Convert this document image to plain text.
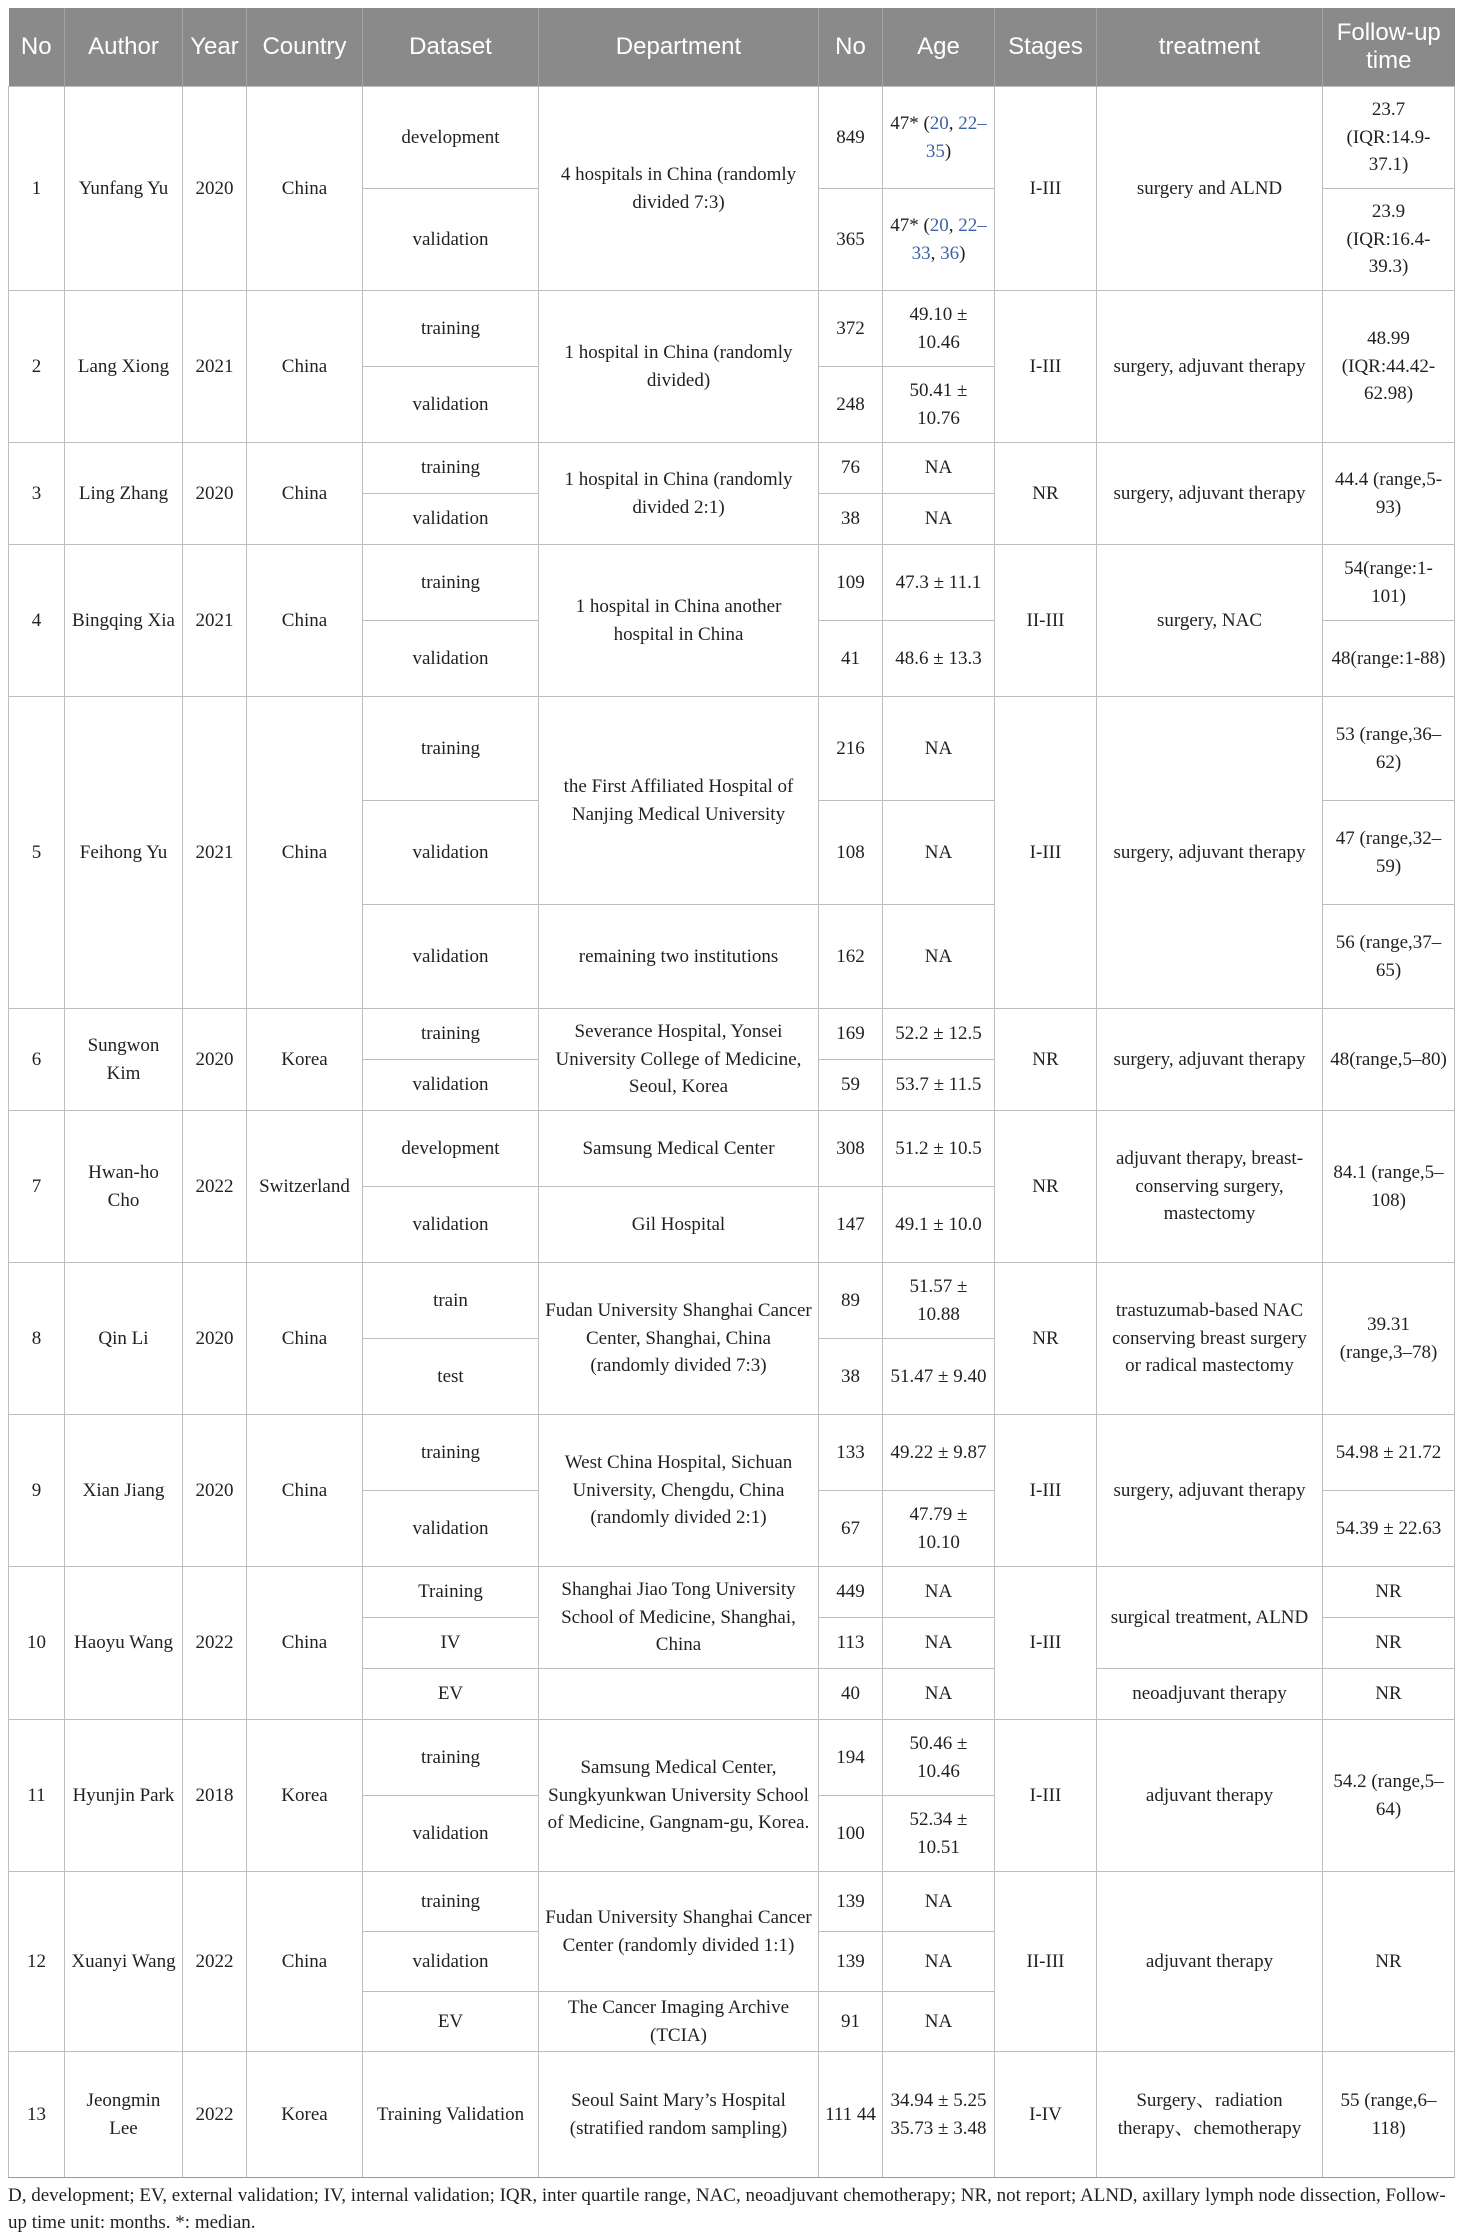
No	Author	Year	Country	Dataset	Department	No	Age	Stages	treatment	Follow-up time
1	Yunfang Yu	2020	China	development	4 hospitals in China (randomly divided 7:3)	849	47* (20, 22–35)	I-III	surgery and ALND	23.7 (IQR:14.9-37.1)
				validation		365	47* (20, 22–33, 36)			23.9 (IQR:16.4-39.3)
2	Lang Xiong	2021	China	training	1 hospital in China (randomly divided)	372	49.10 ± 10.46	I-III	surgery, adjuvant therapy	48.99 (IQR:44.42-62.98)
				validation		248	50.41 ± 10.76			
3	Ling Zhang	2020	China	training	1 hospital in China (randomly divided 2:1)	76	NA	NR	surgery, adjuvant therapy	44.4 (range,5-93)
				validation		38	NA			
4	Bingqing Xia	2021	China	training	1 hospital in China another hospital in China	109	47.3 ± 11.1	II-III	surgery, NAC	54(range:1-101)
				validation		41	48.6 ± 13.3			48(range:1-88)
5	Feihong Yu	2021	China	training	the First Affiliated Hospital of Nanjing Medical University	216	NA	I-III	surgery, adjuvant therapy	53 (range,36–62)
				validation		108	NA			47 (range,32–59)
				validation	remaining two institutions	162	NA			56 (range,37–65)
6	Sungwon Kim	2020	Korea	training	Severance Hospital, Yonsei University College of Medicine, Seoul, Korea	169	52.2 ± 12.5	NR	surgery, adjuvant therapy	48(range,5–80)
				validation		59	53.7 ± 11.5			
7	Hwan-ho Cho	2022	Switzerland	development	Samsung Medical Center	308	51.2 ± 10.5	NR	adjuvant therapy, breast-conserving surgery, mastectomy	84.1 (range,5–108)
				validation	Gil Hospital	147	49.1 ± 10.0			
8	Qin Li	2020	China	train	Fudan University Shanghai Cancer Center, Shanghai, China (randomly divided 7:3)	89	51.57 ± 10.88	NR	trastuzumab-based NAC conserving breast surgery or radical mastectomy	39.31 (range,3–78)
				test		38	51.47 ± 9.40			
9	Xian Jiang	2020	China	training	West China Hospital, Sichuan University, Chengdu, China (randomly divided 2:1)	133	49.22 ± 9.87	I-III	surgery, adjuvant therapy	54.98 ± 21.72
				validation		67	47.79 ± 10.10			54.39 ± 22.63
10	Haoyu Wang	2022	China	Training	Shanghai Jiao Tong University School of Medicine, Shanghai, China	449	NA	I-III	surgical treatment, ALND	NR
				IV		113	NA			NR
				EV		40	NA		neoadjuvant therapy	NR
11	Hyunjin Park	2018	Korea	training	Samsung Medical Center, Sungkyunkwan University School of Medicine, Gangnam-gu, Korea.	194	50.46 ± 10.46	I-III	adjuvant therapy	54.2 (range,5–64)
				validation		100	52.34 ± 10.51			
12	Xuanyi Wang	2022	China	training	Fudan University Shanghai Cancer Center (randomly divided 1:1)	139	NA	II-III	adjuvant therapy	NR
				validation		139	NA			
				EV	The Cancer Imaging Archive (TCIA)	91	NA			
13	Jeongmin Lee	2022	Korea	Training Validation	Seoul Saint Mary’s Hospital (stratified random sampling)	111 44	34.94 ± 5.25 35.73 ± 3.48	I-IV	Surgery、radiation therapy、chemotherapy	55 (range,6–118)
D, development; EV, external validation; IV, internal validation; IQR, inter quartile range, NAC, neoadjuvant chemotherapy; NR, not report; ALND, axillary lymph node dissection, Follow-up time unit: months. *: median.
